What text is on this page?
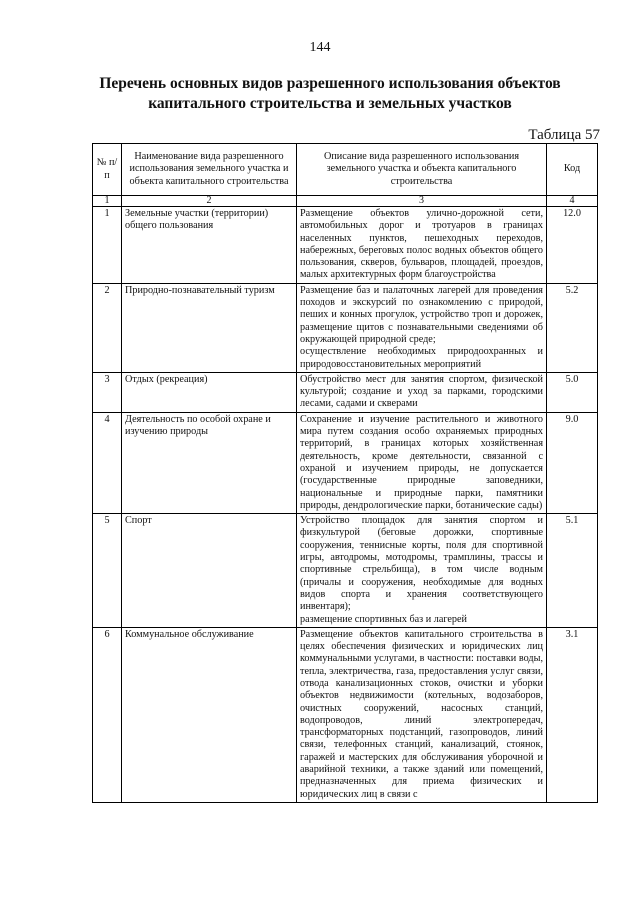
144
Перечень основных видов разрешенного использования объектов капитального строительства и земельных участков
Таблица 57
№ п/п	Наименование вида разрешенного использования земельного участка и объекта капитального строительства	Описание вида разрешенного использования земельного участка и объекта капитального строительства	Код
1	2	3	4
1	Земельные участки (территории) общего пользования	Размещение объектов улично-дорожной сети, автомобильных дорог и тротуаров в границах населенных пунктов, пешеходных переходов, набережных, береговых полос водных объектов общего пользования, скверов, бульваров, площадей, проездов, малых архитектурных форм благоустройства	12.0
2	Природно-познавательный туризм	Размещение баз и палаточных лагерей для проведения походов и экскурсий по ознакомлению с природой, пеших и конных прогулок, устройство троп и дорожек, размещение щитов с познавательными сведениями об окружающей природной среде;
осуществление необходимых природоохранных и природовосстановительных мероприятий	5.2
3	Отдых (рекреация)	Обустройство мест для занятия спортом, физической культурой; создание и уход за парками, городскими лесами, садами и скверами	5.0
4	Деятельность по особой охране и изучению природы	Сохранение и изучение растительного и животного мира путем создания особо охраняемых природных территорий, в границах которых хозяйственная деятельность, кроме деятельности, связанной с охраной и изучением природы, не допускается (государственные природные заповедники, национальные и природные парки, памятники природы, дендрологические парки, ботанические сады)	9.0
5	Спорт	Устройство площадок для занятия спортом и физкультурой (беговые дорожки, спортивные сооружения, теннисные корты, поля для спортивной игры, автодромы, мотодромы, трамплины, трассы и спортивные стрельбища), в том числе водным (причалы и сооружения, необходимые для водных видов спорта и хранения соответствующего инвентаря);
размещение спортивных баз и лагерей	5.1
6	Коммунальное обслуживание	Размещение объектов капитального строительства в целях обеспечения физических и юридических лиц коммунальными услугами, в частности: поставки воды, тепла, электричества, газа, предоставления услуг связи, отвода канализационных стоков, очистки и уборки объектов недвижимости (котельных, водозаборов, очистных сооружений, насосных станций, водопроводов, линий электропередач, трансформаторных подстанций, газопроводов, линий связи, телефонных станций, канализаций, стоянок, гаражей и мастерских для обслуживания уборочной и аварийной техники, а также зданий или помещений, предназначенных для приема физических и юридических лиц в связи с	3.1
